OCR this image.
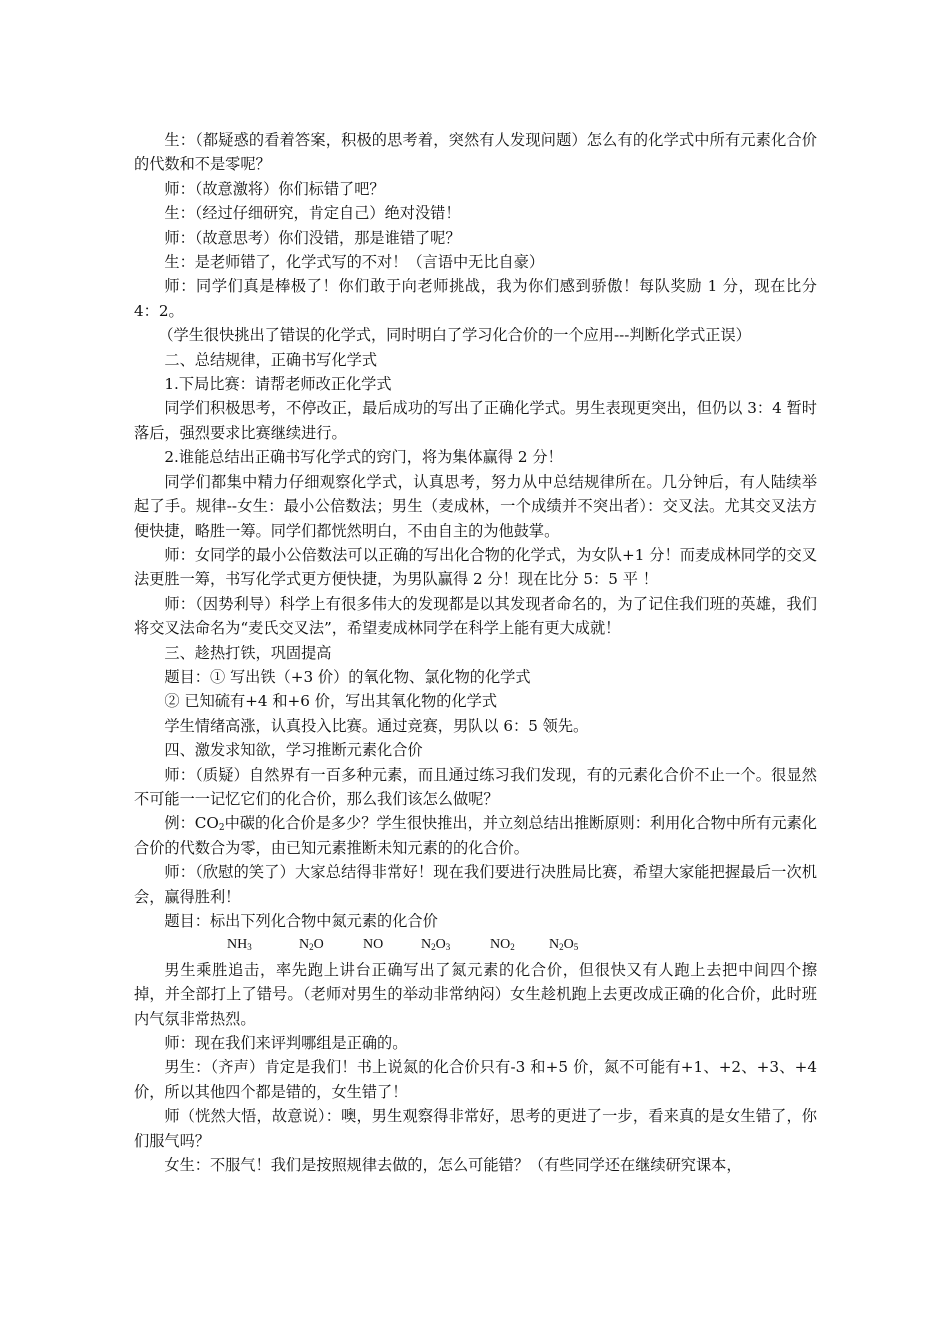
生：（都疑惑的看着答案，积极的思考着，突然有人发现问题）怎么有的化学式中所有元素化合价的代数和不是零呢？

师：（故意激将）你们标错了吧？

生：（经过仔细研究，肯定自己）绝对没错！

师：（故意思考）你们没错，那是谁错了呢？

生：是老师错了，化学式写的不对！（言语中无比自豪）

师：同学们真是棒极了！你们敢于向老师挑战，我为你们感到骄傲！每队奖励 1 分，现在比分 4：2。

（学生很快挑出了错误的化学式，同时明白了学习化合价的一个应用---判断化学式正误）

二、总结规律，正确书写化学式

1.下局比赛：请帮老师改正化学式

同学们积极思考，不停改正，最后成功的写出了正确化学式。男生表现更突出，但仍以 3：4 暂时落后，强烈要求比赛继续进行。

2.谁能总结出正确书写化学式的窍门，将为集体赢得 2 分！

同学们都集中精力仔细观察化学式，认真思考，努力从中总结规律所在。几分钟后，有人陆续举起了手。规律--女生：最小公倍数法；男生（麦成林，一个成绩并不突出者）：交叉法。尤其交叉法方便快捷，略胜一筹。同学们都恍然明白，不由自主的为他鼓掌。

师：女同学的最小公倍数法可以正确的写出化合物的化学式，为女队+1 分！而麦成林同学的交叉法更胜一筹，书写化学式更方便快捷，为男队赢得 2 分！现在比分 5：5 平 ！

师：（因势利导）科学上有很多伟大的发现都是以其发现者命名的，为了记住我们班的英雄，我们将交叉法命名为“麦氏交叉法”，希望麦成林同学在科学上能有更大成就！

三、趁热打铁，巩固提高

题目：① 写出铁（+3 价）的氧化物、氯化物的化学式

② 已知硫有+4 和+6 价，写出其氧化物的化学式

学生情绪高涨，认真投入比赛。通过竞赛，男队以 6：5 领先。

四、激发求知欲，学习推断元素化合价

师：（质疑）自然界有一百多种元素，而且通过练习我们发现，有的元素化合价不止一个。很显然不可能一一记忆它们的化合价，那么我们该怎么做呢？

例：$CO_2$中碳的化合价是多少？学生很快推出，并立刻总结出推断原则：利用化合物中所有元素化合价的代数合为零，由已知元素推断未知元素的的化合价。

师：（欣慰的笑了）大家总结得非常好！现在我们要进行决胜局比赛，希望大家能把握最后一次机会，赢得胜利！

题目：标出下列化合物中氮元素的化合价

$NH_3$	$N_2O$	NO	$N_2O_3$	$NO_2$ $N_2O_5$

男生乘胜追击，率先跑上讲台正确写出了氮元素的化合价，但很快又有人跑上去把中间四个擦掉，并全部打上了错号。（老师对男生的举动非常纳闷）女生趁机跑上去更改成正确的化合价，此时班内气氛非常热烈。

师：现在我们来评判哪组是正确的。

男生：（齐声）肯定是我们！书上说氮的化合价只有-3 和+5 价，氮不可能有+1、+2、+3、+4 价，所以其他四个都是错的，女生错了！

师（恍然大悟，故意说）：噢，男生观察得非常好，思考的更进了一步，看来真的是女生错了，你们服气吗？

女生：不服气！我们是按照规律去做的，怎么可能错？（有些同学还在继续研究课本，
